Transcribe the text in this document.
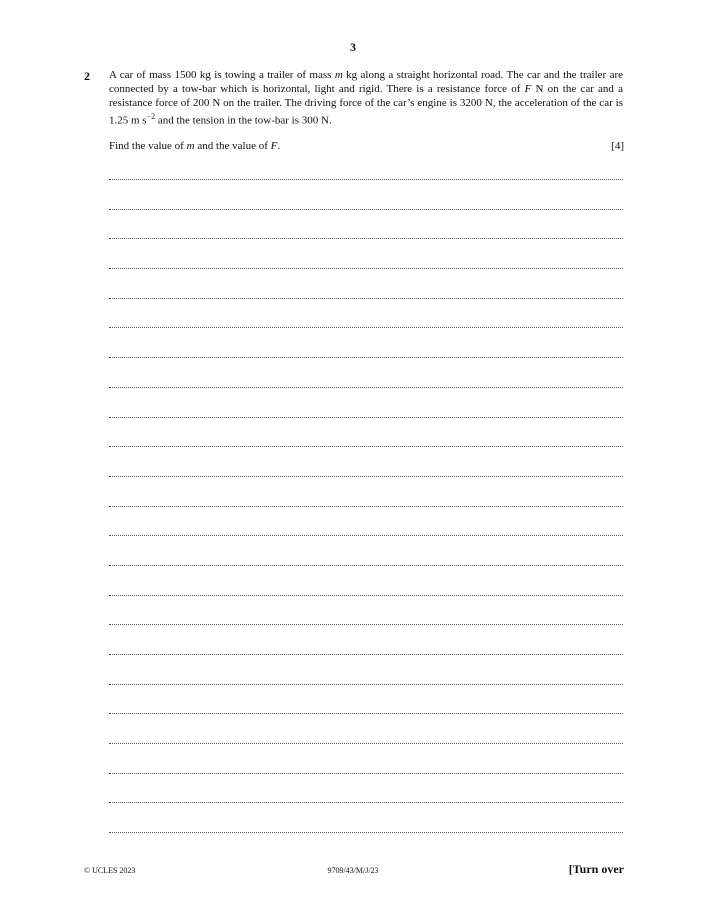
3
2 A car of mass 1500 kg is towing a trailer of mass m kg along a straight horizontal road. The car and the trailer are connected by a tow-bar which is horizontal, light and rigid. There is a resistance force of F N on the car and a resistance force of 200 N on the trailer. The driving force of the car’s engine is 3200 N, the acceleration of the car is 1.25 m $s^{-2}$ and the tension in the tow-bar is 300 N.

Find the value of m and the value of F.	[4]
© UCLES 2023	9709/43/M/J/23	[Turn over
